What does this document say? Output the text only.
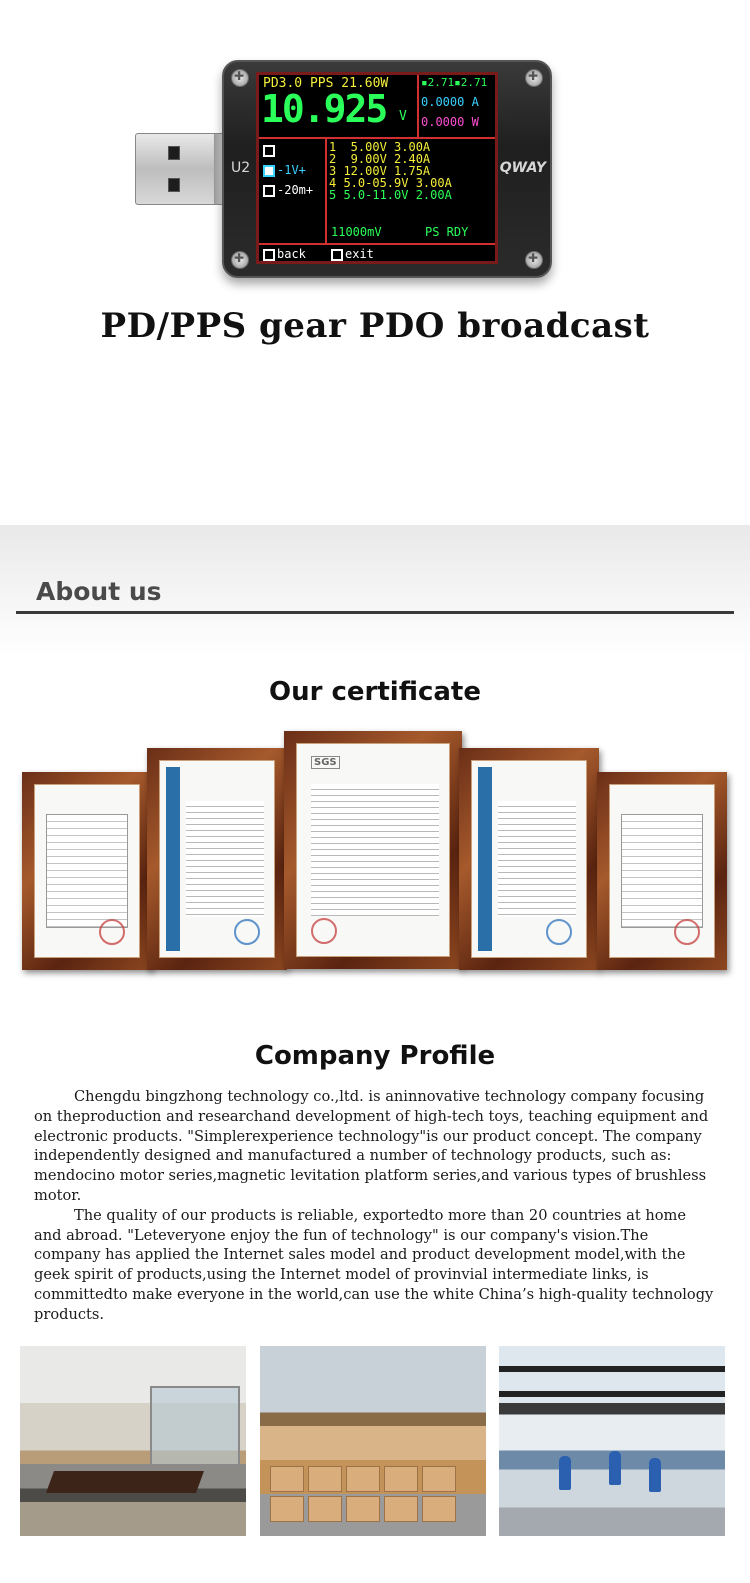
✚
✚
✚
✚
U2	QWAY
PD3.0 PPS 21.60W	▪2.71▪2.71
10.925 V
0.0000 A
0.0000 W
-1V+
-20m+
1  5.00V 3.00A
2  9.00V 2.40A
3 12.00V 1.75A
4 5.0-05.9V 3.00A
5 5.0-11.0V 2.00A
11000mV	PS RDY
back	exit
PD/PPS gear PDO broadcast
About us
Our certificate
SGS
Company Profile

Chengdu bingzhong technology co.,ltd. is aninnovative technology company focusing on theproduction and researchand development of high-tech toys, teaching equipment and electronic products. "Simplerexperience technology"is our product concept. The company independently designed and manufactured a number of technology products, such as: mendocino motor series,magnetic levitation platform series,and various types of brushless motor.

The quality of our products is reliable, exportedto more than 20 countries at home and abroad. "Leteveryone enjoy the fun of technology" is our company's vision.The company has applied the Internet sales model and product development model,with the geek spirit of products,using the Internet model of provinvial intermediate links, is committedto make everyone in the world,can use the white China’s high-quality technology products.
